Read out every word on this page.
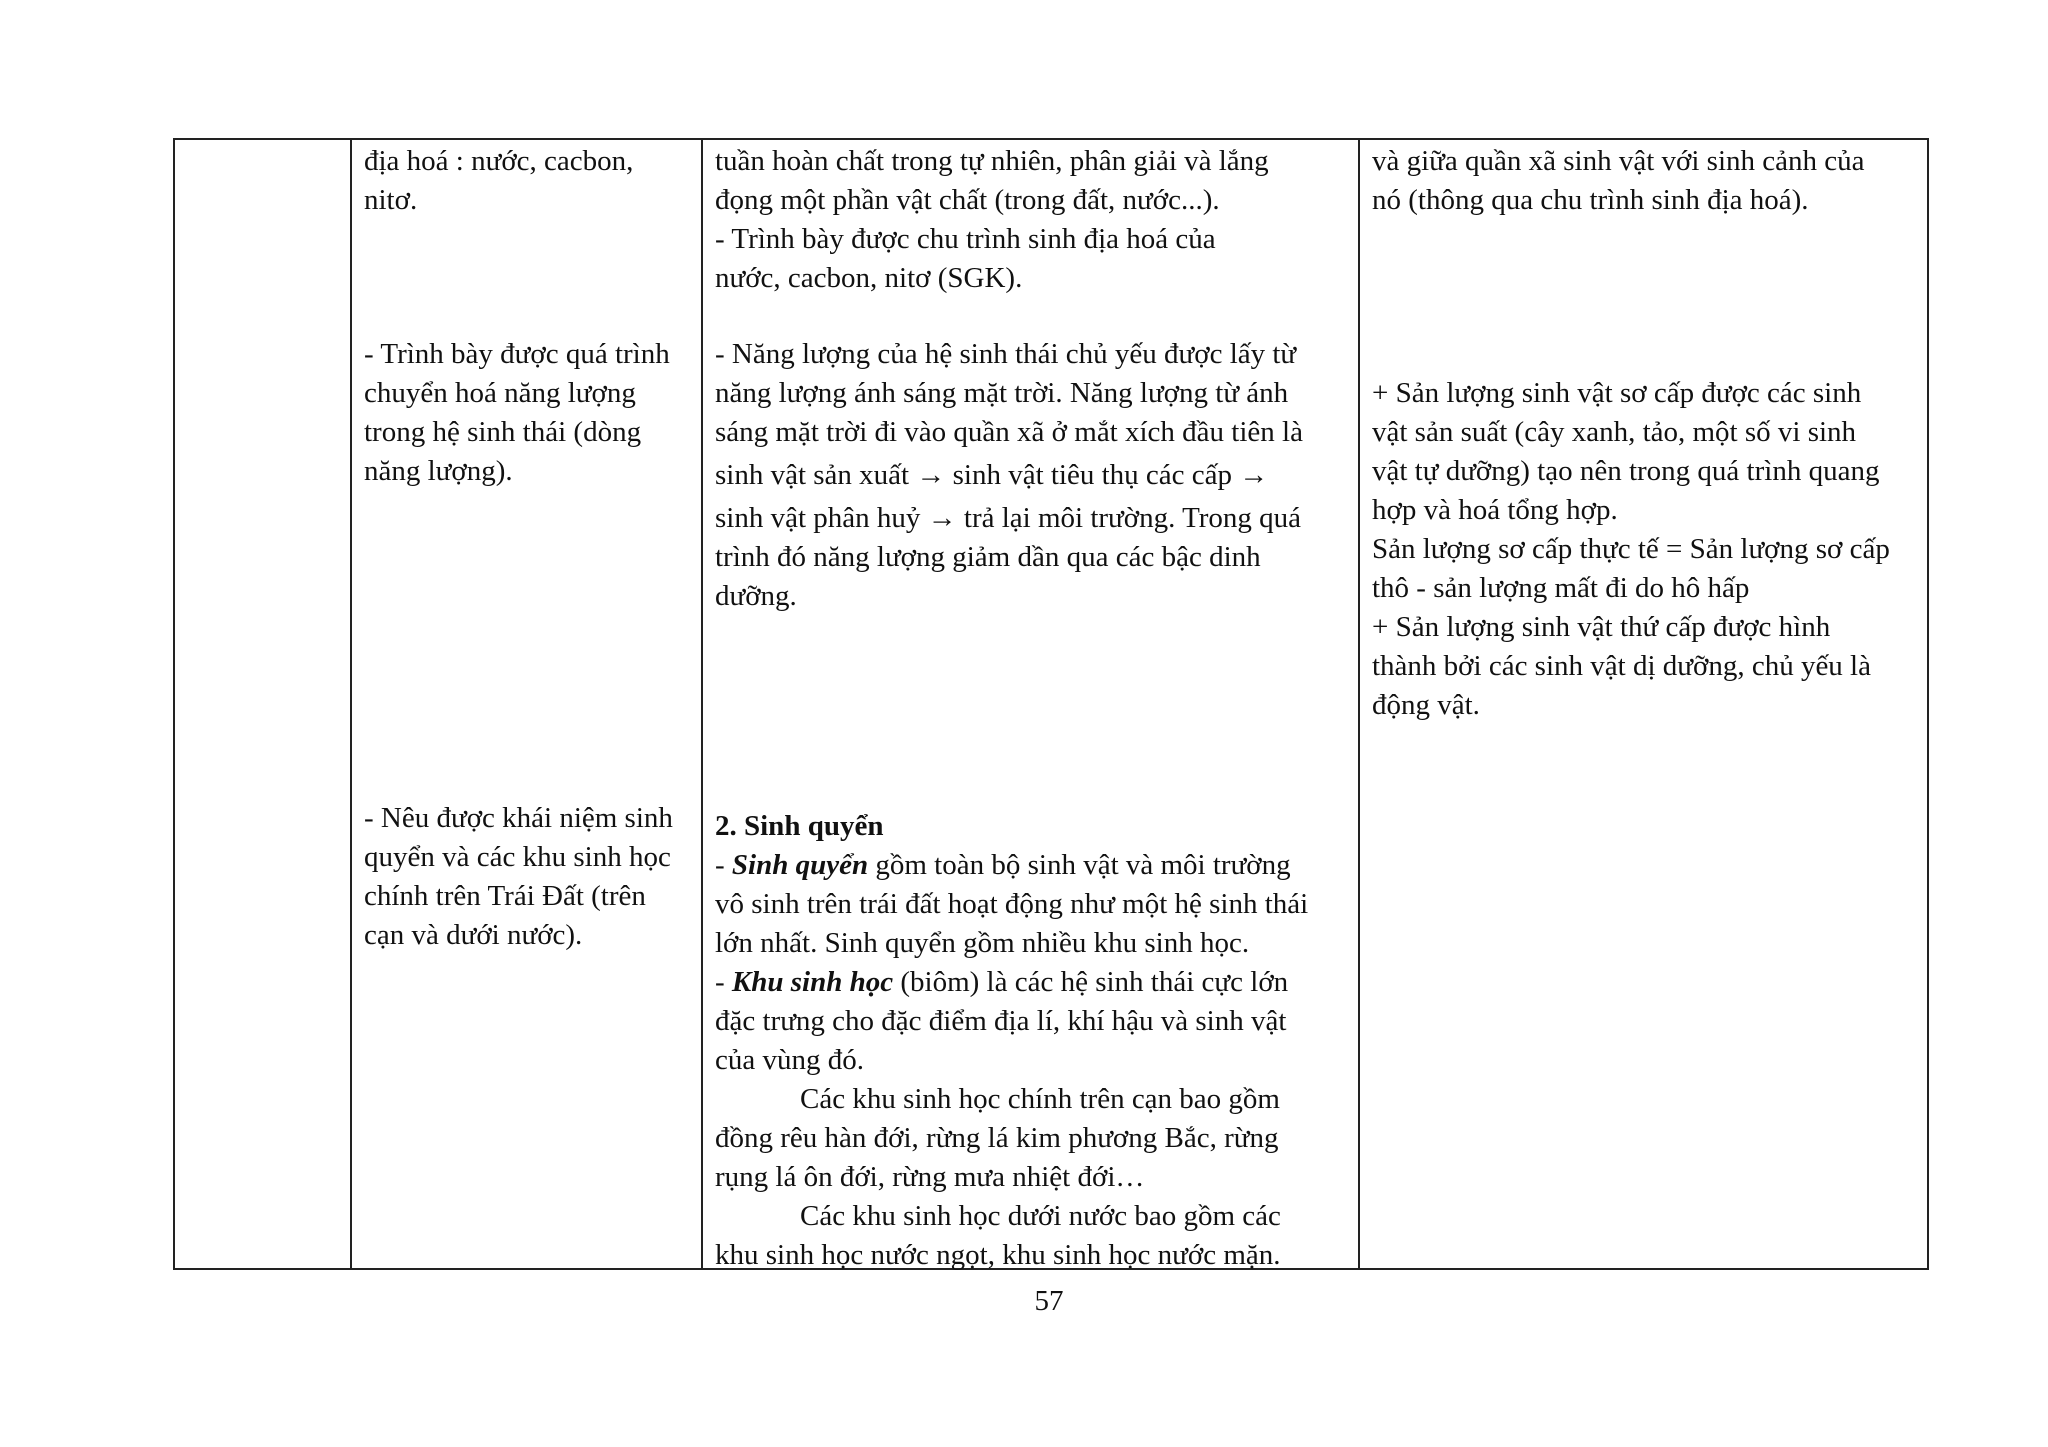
địa hoá : nước, cacbon,
nitơ.
- Trình bày được quá trình
chuyển hoá năng lượng
trong hệ sinh thái (dòng
năng lượng).
- Nêu được khái niệm sinh
quyển và các khu sinh học
chính trên Trái Đất (trên
cạn và dưới nước).

tuần hoàn chất trong tự nhiên, phân giải và lắng
đọng một phần vật chất (trong đất, nước...).
- Trình bày được chu trình sinh địa hoá của
nước, cacbon, nitơ (SGK).
- Năng lượng của hệ sinh thái chủ yếu được lấy từ
năng lượng ánh sáng mặt trời. Năng lượng từ ánh
sáng mặt trời đi vào quần xã ở mắt xích đầu tiên là
sinh vật sản xuất → sinh vật tiêu thụ các cấp →
sinh vật phân huỷ → trả lại môi trường. Trong quá
trình đó năng lượng giảm dần qua các bậc dinh
dưỡng.
2. Sinh quyển
- Sinh quyển gồm toàn bộ sinh vật và môi trường
vô sinh trên trái đất hoạt động như một hệ sinh thái
lớn nhất. Sinh quyển gồm nhiều khu sinh học.
- Khu sinh học (biôm) là các hệ sinh thái cực lớn
đặc trưng cho đặc điểm địa lí, khí hậu và sinh vật
của vùng đó.
Các khu sinh học chính trên cạn bao gồm
đồng rêu hàn đới, rừng lá kim phương Bắc, rừng
rụng lá ôn đới, rừng mưa nhiệt đới…
Các khu sinh học dưới nước bao gồm các
khu sinh học nước ngọt, khu sinh học nước mặn.

và giữa quần xã sinh vật với sinh cảnh của
nó (thông qua chu trình sinh địa hoá).
+ Sản lượng sinh vật sơ cấp được các sinh
vật sản suất (cây xanh, tảo, một số vi sinh
vật tự dưỡng) tạo nên trong quá trình quang
hợp và hoá tổng hợp.
Sản lượng sơ cấp thực tế = Sản lượng sơ cấp
thô - sản lượng mất đi do hô hấp
+ Sản lượng sinh vật thứ cấp được hình
thành bởi các sinh vật dị dưỡng, chủ yếu là
động vật.
57
